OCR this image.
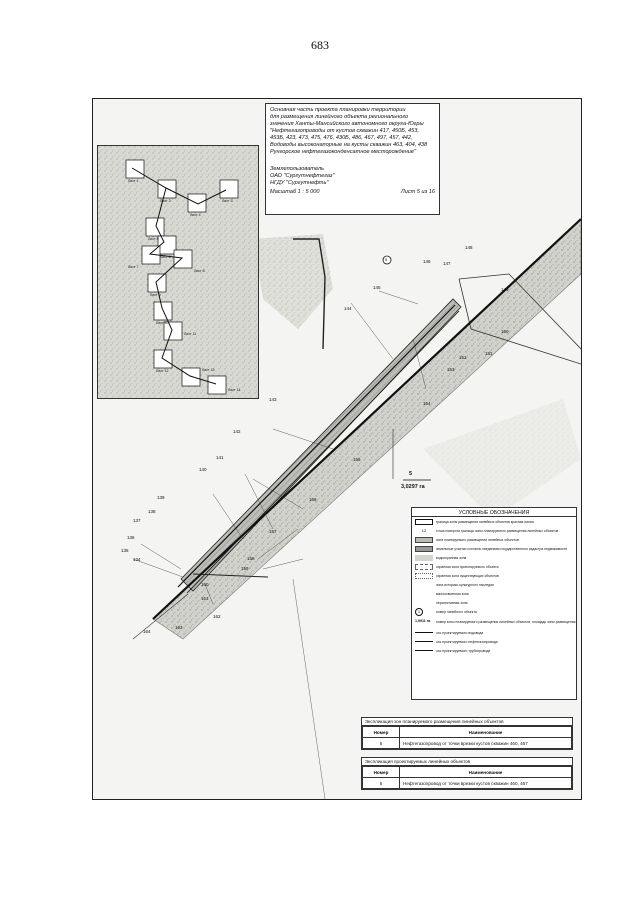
683
Основная часть проекта планировки территории
для размещения линейного объекта регионального
значения Ханты-Мансийского автономного округа-Югры
"Нефтегазопроводы от кустов скважин 417, 450Б, 453,
453Б, 423, 473, 475, 476, 430Б, 486, 467, 497, 457, 442,
Водоводы высоконапорные на кусты скважин 463, 404, 438
Рунгорское нефтегазоконденсатное месторождение"
Землепользователь
ОАО "Сургутнефтегаз"
НГДУ "Сургутнефть"
Масштаб 1 : 5 000	Лист 5 из 16
Лист 1
Лист 2	Лист 3
Лист 4
Лист 5
Лист 6
Лист 7
Лист 8
Лист 9
Лист 10
Лист 11
Лист 12	Лист 13
Лист 14
134
135
136
137
138
139
140
141
142
143
144
145
146	147
148
149
150
151
152
153
154
155
156
157
158
159
160
161
162
163
164
5
5
3,0297 га
УСЛОВНЫЕ ОБОЗНАЧЕНИЯ
граница зоны размещения линейных объектов красная линия
12	точка поворота границы зоны планируемого размещения линейных объектов
зона планируемого размещения линейных объектов
земельные участки согласно сведениям государственного кадастра недвижимости
водоохранная зона
охранная зона проектируемого объекта
охранная зона существующих объектов
зона историко-культурного наследия
малоосвоенная зона
перспективная зона
1	номер линейного объекта
1,9911 га	номер зоны планируемого размещения линейных объектов, площадь зоны размещения
ось проектируемого водовода
ось проектируемого нефтегазопровода
ось проектируемого трубопровода
Экспликация зон планируемого размещения линейных объектов
Номер	Наименование
5	Нефтегазопровод от точки врезки кустов скважин 460, 467
Экспликация проектируемых линейных объектов
Номер	Наименование
5	Нефтегазопровод от точки врезки кустов скважин 460, 467
